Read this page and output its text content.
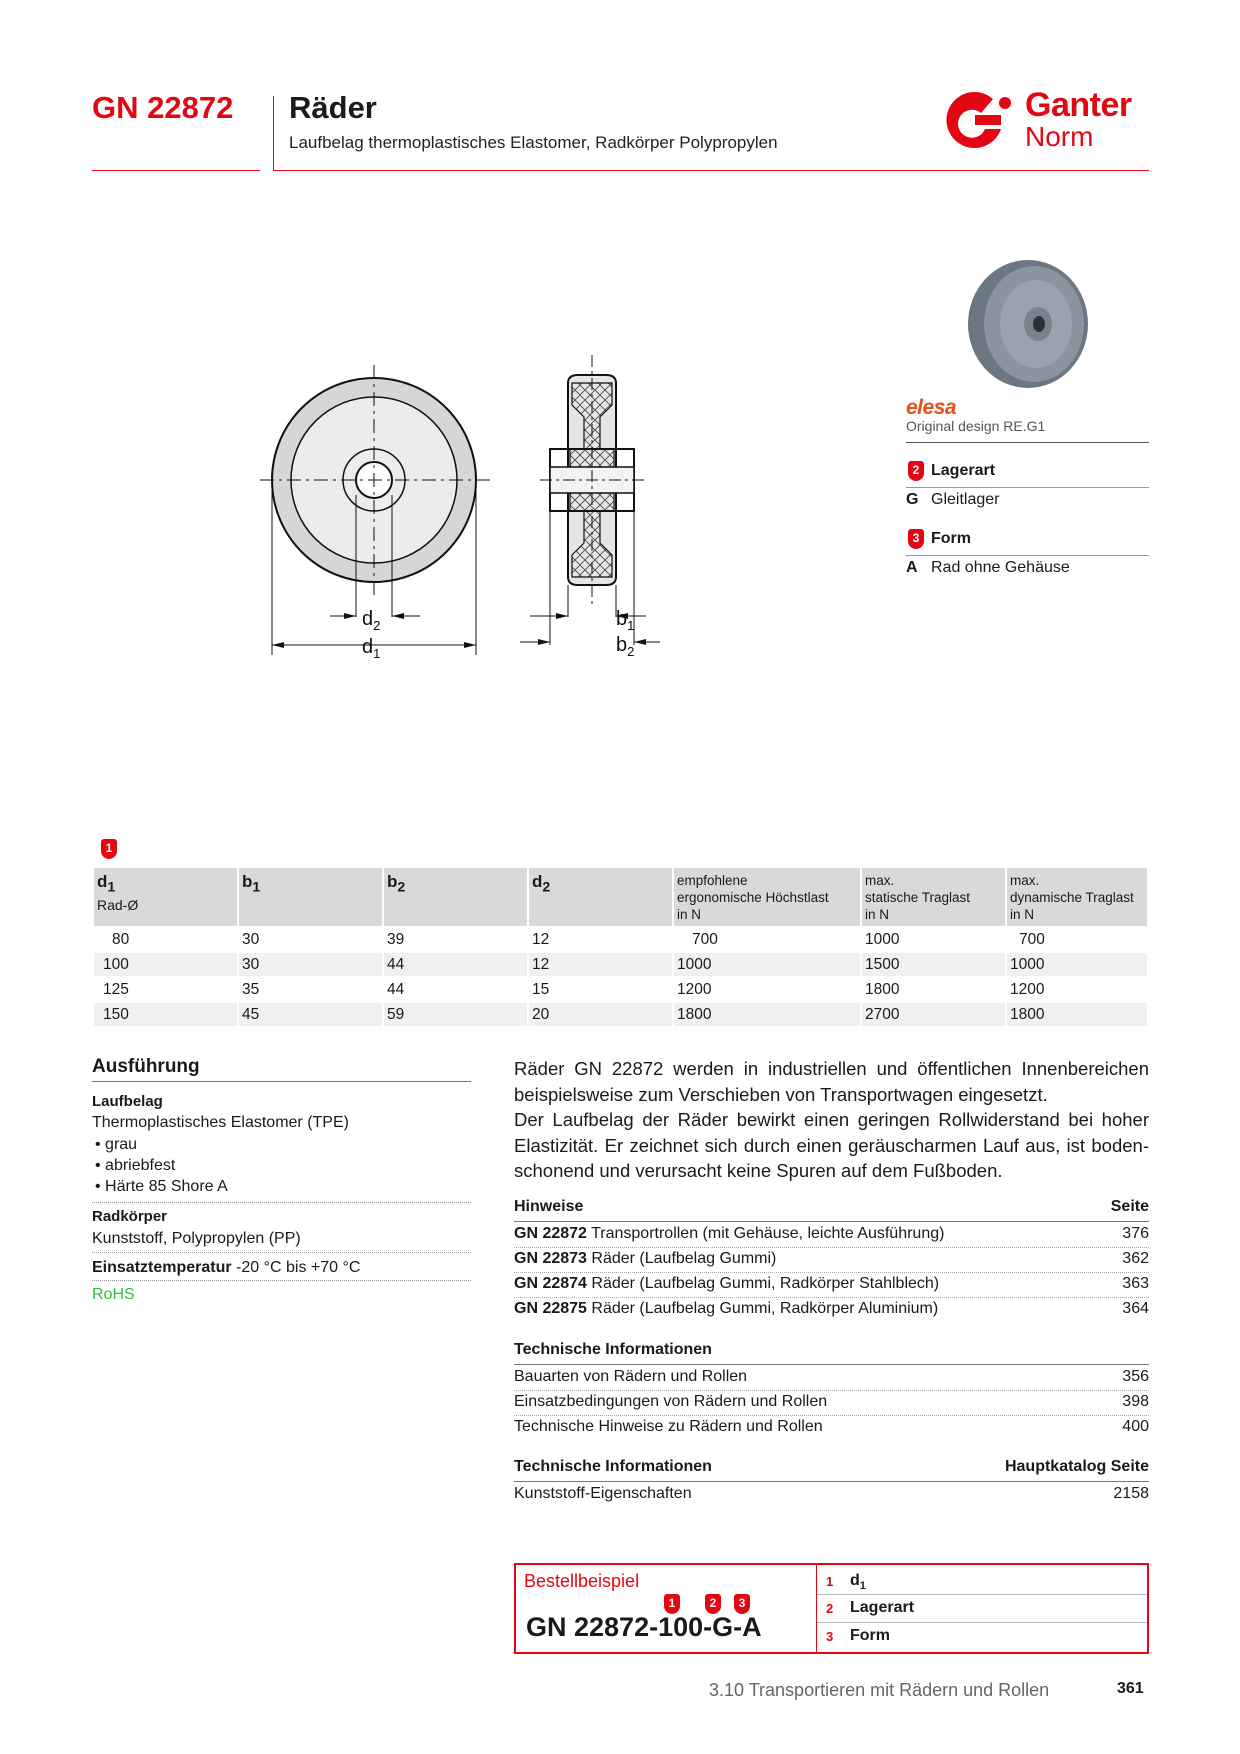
GN 22872 Räder
Laufbelag thermoplastisches Elastomer, Radkörper Polypropylen
Ganter
Norm
$d_2$
$d_1$
$b_1$
$b_2$
elesa
Original design RE.G1
2 Lagerart
G Gleitlager
3 Form
A Rad ohne Gehäuse
1
$d_1$
Rad-Ø	$b_1$	$b_2$	$d_2$	empfohlene
ergonomische Höchstlast
in N	max.
statische Traglast
in N	max.
dynamische Traglast
in N
80	30	39	12	700	1000	700
100	30	44	12	1000	1500	1000
125	35	44	15	1200	1800	1200
150	45	59	20	1800	2700	1800
Ausführung
Laufbelag
Thermoplastisches Elastomer (TPE)
• grau
• abriebfest
• Härte 85 Shore A
Radkörper
Kunststoff, Polypropylen (PP)
Einsatztemperatur -20 °C bis +70 °C
RoHS
Räder GN 22872 werden in industriellen und öffentlichen Innenbereichen beispielsweise zum Verschieben von Transportwagen eingesetzt.
Der Laufbelag der Räder bewirkt einen geringen Rollwiderstand bei hoher Elastizität. Er zeichnet sich durch einen geräuscharmen Lauf aus, ist boden-schonend und verursacht keine Spuren auf dem Fußboden.
Hinweise	Seite
GN 22872 Transportrollen (mit Gehäuse, leichte Ausführung)	376
GN 22873 Räder (Laufbelag Gummi)	362
GN 22874 Räder (Laufbelag Gummi, Radkörper Stahlblech)	363
GN 22875 Räder (Laufbelag Gummi, Radkörper Aluminium)	364
Technische Informationen
Bauarten von Rädern und Rollen	356
Einsatzbedingungen von Rädern und Rollen	398
Technische Hinweise zu Rädern und Rollen	400
Technische Informationen	Hauptkatalog Seite
Kunststoff-Eigenschaften	2158
Bestellbeispiel
1	2	3
GN 22872-100-G-A
1 $d_1$
2 Lagerart
3 Form
3.10 Transportieren mit Rädern und Rollen	361
